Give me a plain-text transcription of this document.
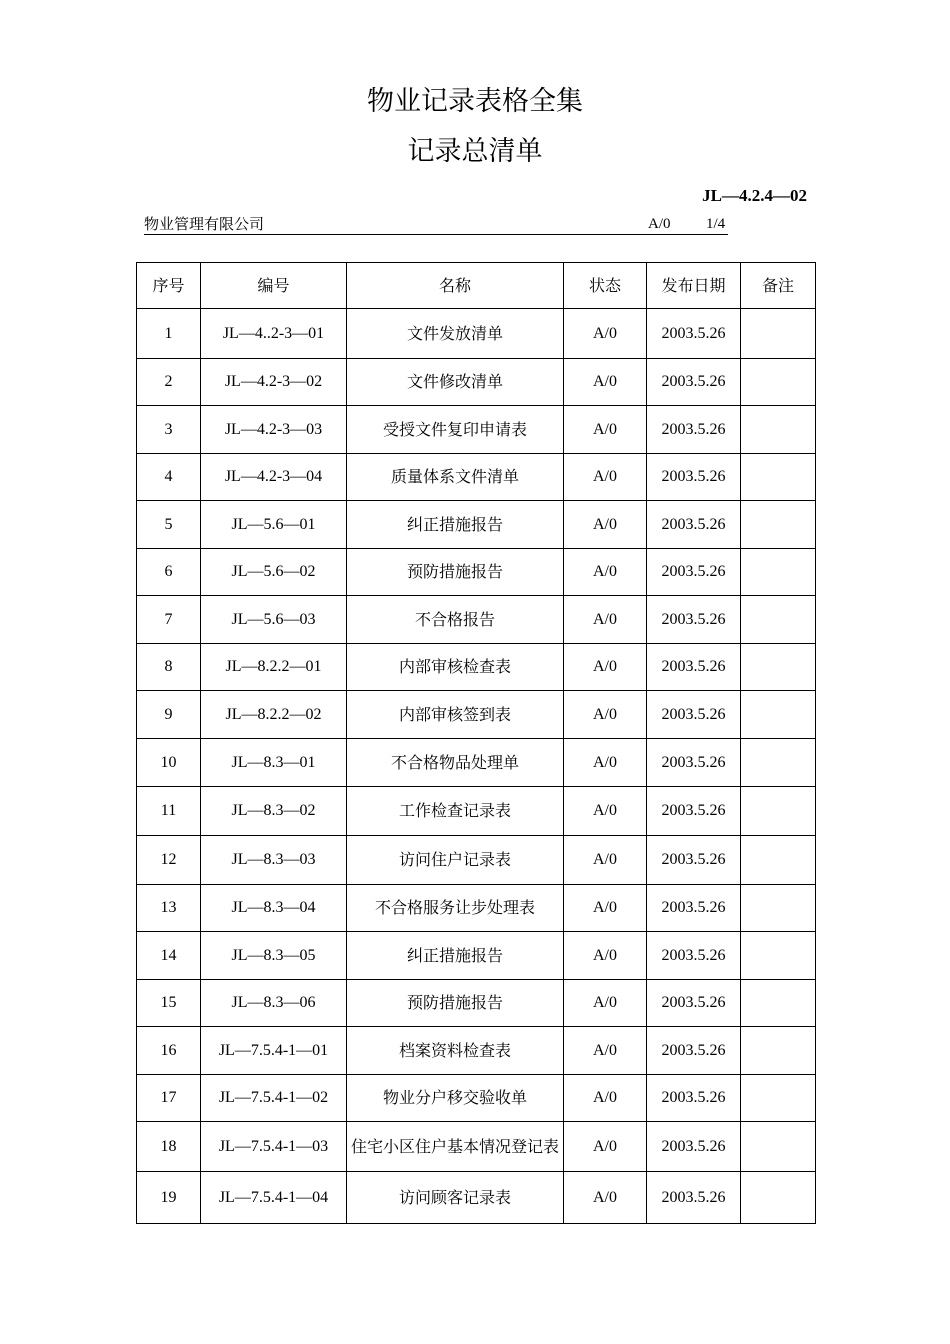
物业记录表格全集
记录总清单
JL—4.2.4—02
物业管理有限公司	A/0 1/4
序号	编号	名称	状态	发布日期	备注
1	JL—4..2-3—01	文件发放清单	A/0	2003.5.26	
2	JL—4.2-3—02	文件修改清单	A/0	2003.5.26	
3	JL—4.2-3—03	受授文件复印申请表	A/0	2003.5.26	
4	JL—4.2-3—04	质量体系文件清单	A/0	2003.5.26	
5	JL—5.6—01	纠正措施报告	A/0	2003.5.26	
6	JL—5.6—02	预防措施报告	A/0	2003.5.26	
7	JL—5.6—03	不合格报告	A/0	2003.5.26	
8	JL—8.2.2—01	内部审核检查表	A/0	2003.5.26	
9	JL—8.2.2—02	内部审核签到表	A/0	2003.5.26	
10	JL—8.3—01	不合格物品处理单	A/0	2003.5.26	
11	JL—8.3—02	工作检查记录表	A/0	2003.5.26	
12	JL—8.3—03	访问住户记录表	A/0	2003.5.26	
13	JL—8.3—04	不合格服务让步处理表	A/0	2003.5.26	
14	JL—8.3—05	纠正措施报告	A/0	2003.5.26	
15	JL—8.3—06	预防措施报告	A/0	2003.5.26	
16	JL—7.5.4-1—01	档案资料检查表	A/0	2003.5.26	
17	JL—7.5.4-1—02	物业分户移交验收单	A/0	2003.5.26	
18	JL—7.5.4-1—03	住宅小区住户基本情况登记表	A/0	2003.5.26	
19	JL—7.5.4-1—04	访问顾客记录表	A/0	2003.5.26	
